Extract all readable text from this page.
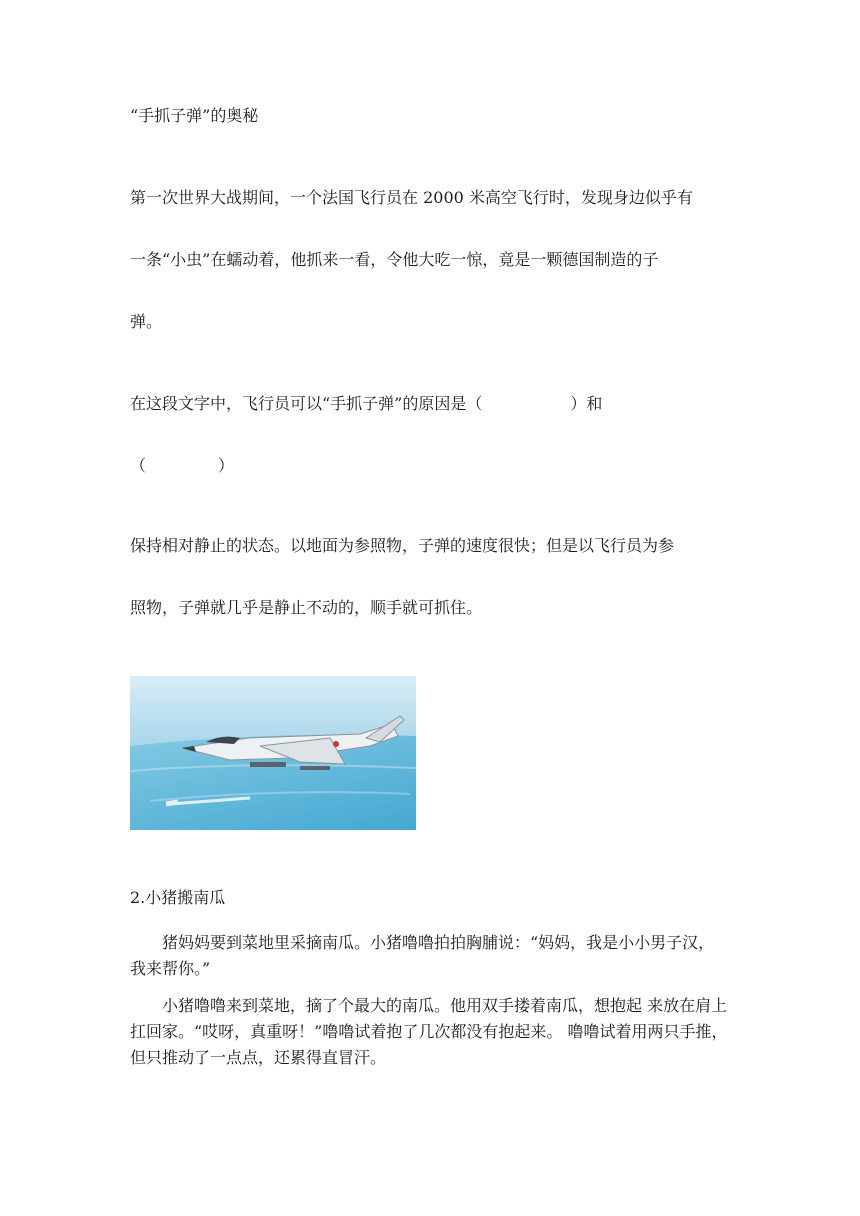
“手抓子弹”的奥秘
第一次世界大战期间，一个法国飞行员在 2000 米高空飞行时，发现身边似乎有
一条“小虫”在蠕动着，他抓来一看，令他大吃一惊，竟是一颗德国制造的子
弹。
在这段文字中，飞行员可以“手抓子弹”的原因是（	）和
（	）
保持相对静止的状态。以地面为参照物，子弹的速度很快；但是以飞行员为参
照物，子弹就几乎是静止不动的，顺手就可抓住。
2.小猪搬南瓜
猪妈妈要到菜地里采摘南瓜。小猪噜噜拍拍胸脯说：“妈妈，我是小小男子汉，我来帮你。”
小猪噜噜来到菜地，摘了个最大的南瓜。他用双手搂着南瓜，想抱起 来放在肩上扛回家。“哎呀，真重呀！”噜噜试着抱了几次都没有抱起来。 噜噜试着用两只手推，但只推动了一点点，还累得直冒汗。
